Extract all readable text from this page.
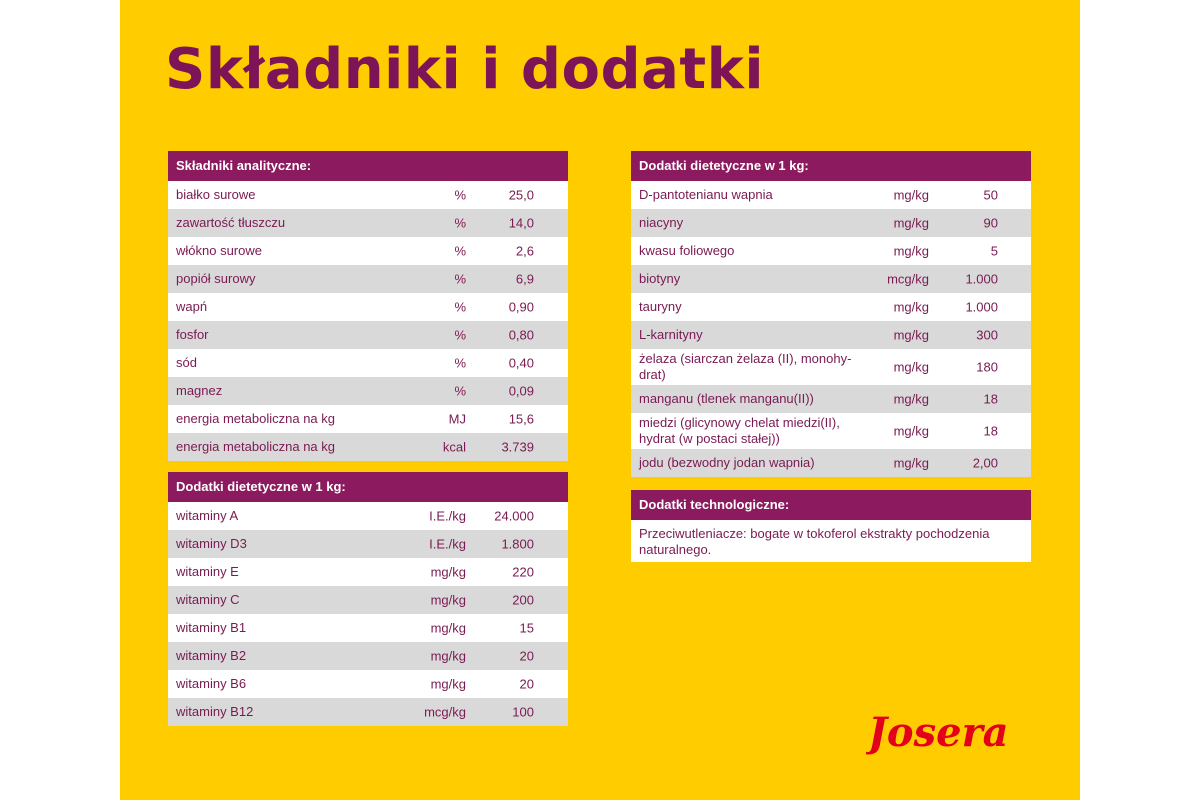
Składniki i dodatki
Składniki analityczne:
białko surowe	%	25,0
zawartość tłuszczu	%	14,0
włókno surowe	%	2,6
popiół surowy	%	6,9
wapń	%	0,90
fosfor	%	0,80
sód	%	0,40
magnez	%	0,09
energia metaboliczna na kg	MJ	15,6
energia metaboliczna na kg	kcal	3.739
Dodatki dietetyczne w 1 kg:
witaminy A	I.E./kg 24.000
witaminy D3	I.E./kg	1.800
witaminy E	mg/kg	220
witaminy C	mg/kg	200
witaminy B1	mg/kg	15
witaminy B2	mg/kg	20
witaminy B6	mg/kg	20
witaminy B12	mcg/kg	100
Dodatki dietetyczne w 1 kg:
D-pantotenianu wapnia	mg/kg	50
niacyny	mg/kg	90
kwasu foliowego	mg/kg	5
biotyny	mcg/kg	1.000
tauryny	mg/kg	1.000
L-karnityny	mg/kg	300
żelaza (siarczan żelaza (II), monohy-drat)	mg/kg	180
manganu (tlenek manganu(II))	mg/kg	18
miedzi (glicynowy chelat miedzi(II), hydrat (w postaci stałej))	mg/kg	18
jodu (bezwodny jodan wapnia)	mg/kg	2,00
Dodatki technologiczne:
Przeciwutleniacze: bogate w tokoferol ekstrakty pochodzenia naturalnego.
Josera
